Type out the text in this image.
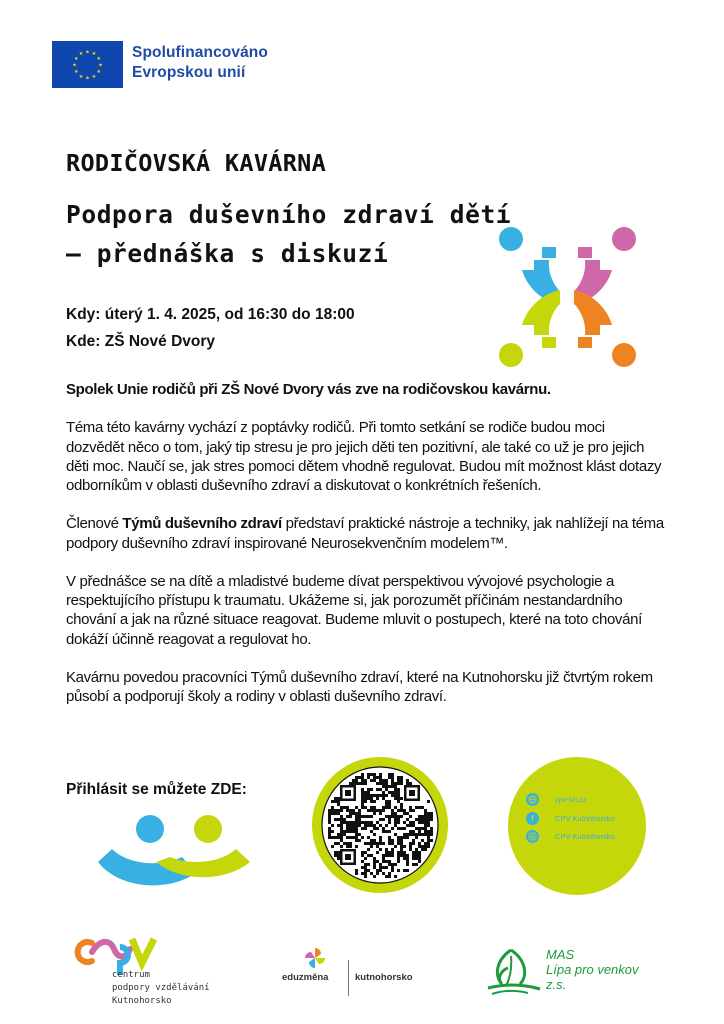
★ ★
★
★
★
★
★
★
★
★
★
★	Spolufinancováno
Evropskou unií
RODIČOVSKÁ KAVÁRNA
Podpora duševního zdraví dětí
– přednáška s diskuzí
Kdy: úterý 1. 4. 2025, od 16:30 do 18:00
Kde: ZŠ Nové Dvory

Spolek Unie rodičů při ZŠ Nové Dvory vás zve na rodičovskou kavárnu.

Téma této kavárny vychází z poptávky rodičů. Při tomto setkání se rodiče budou moci dozvědět něco o tom, jaký tip stresu je pro jejich děti ten pozitivní, ale také co už je pro jejich děti moc. Naučí se, jak stres pomoci dětem vhodně regulovat. Budou mít možnost klást dotazy odborníkům v oblasti duševního zdraví a diskutovat o konkrétních řešeních.

Členové Týmů duševního zdraví představí praktické nástroje a techniky, jak nahlížejí na téma podpory duševního zdraví inspirované Neurosekvenčním modelem™.

V přednášce se na dítě a mladistvé budeme dívat perspektivou vývojové psychologie a respektujícího přístupu k traumatu. Ukážeme si, jak porozumět příčinám nestandardního chování a jak na různé situace reagovat. Budeme mluvit o postupech, které na toto chování dokáží účinně reagovat a regulovat ho.

Kavárnu povedou pracovníci Týmů duševního zdraví, které na Kutnohorsku již čtvrtým rokem působí a podporují školy a rodiny v oblasti duševního zdraví.

Přihlásit se můžete ZDE:
cpv-kh.cz
f	CPV Kutnohorsko
CPV Kutnohorsko
centrum
podpory vzdělávání
Kutnohorsko
eduzměna	kutnohorsko
MAS
Lípa pro venkov z.s.
